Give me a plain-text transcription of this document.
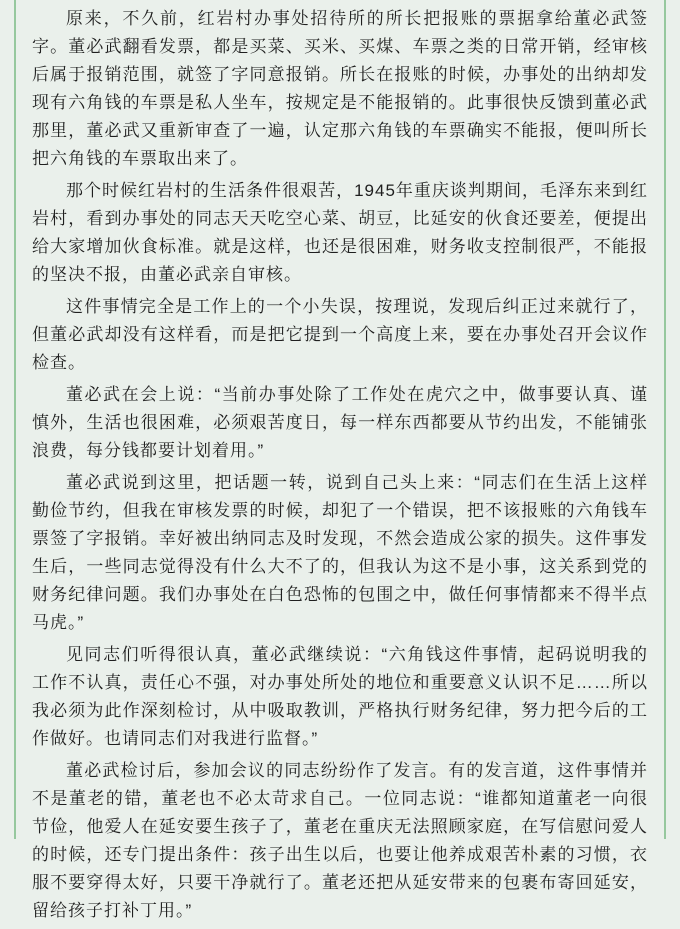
原来，不久前，红岩村办事处招待所的所长把报账的票据拿给董必武签字。董必武翻看发票，都是买菜、买米、买煤、车票之类的日常开销，经审核后属于报销范围，就签了字同意报销。所长在报账的时候，办事处的出纳却发现有六角钱的车票是私人坐车，按规定是不能报销的。此事很快反馈到董必武那里，董必武又重新审查了一遍，认定那六角钱的车票确实不能报，便叫所长把六角钱的车票取出来了。

那个时候红岩村的生活条件很艰苦，1945年重庆谈判期间，毛泽东来到红岩村，看到办事处的同志天天吃空心菜、胡豆，比延安的伙食还要差，便提出给大家增加伙食标准。就是这样，也还是很困难，财务收支控制很严，不能报的坚决不报，由董必武亲自审核。

这件事情完全是工作上的一个小失误，按理说，发现后纠正过来就行了，但董必武却没有这样看，而是把它提到一个高度上来，要在办事处召开会议作检查。

董必武在会上说：“当前办事处除了工作处在虎穴之中，做事要认真、谨慎外，生活也很困难，必须艰苦度日，每一样东西都要从节约出发，不能铺张浪费，每分钱都要计划着用。”

董必武说到这里，把话题一转，说到自己头上来：“同志们在生活上这样勤俭节约，但我在审核发票的时候，却犯了一个错误，把不该报账的六角钱车票签了字报销。幸好被出纳同志及时发现，不然会造成公家的损失。这件事发生后，一些同志觉得没有什么大不了的，但我认为这不是小事，这关系到党的财务纪律问题。我们办事处在白色恐怖的包围之中，做任何事情都来不得半点马虎。”

见同志们听得很认真，董必武继续说：“六角钱这件事情，起码说明我的工作不认真，责任心不强，对办事处所处的地位和重要意义认识不足……所以我必须为此作深刻检讨，从中吸取教训，严格执行财务纪律，努力把今后的工作做好。也请同志们对我进行监督。”

董必武检讨后，参加会议的同志纷纷作了发言。有的发言道，这件事情并不是董老的错，董老也不必太苛求自己。一位同志说：“谁都知道董老一向很节俭，他爱人在延安要生孩子了，董老在重庆无法照顾家庭，在写信慰问爱人的时候，还专门提出条件：孩子出生以后，也要让他养成艰苦朴素的习惯，衣服不要穿得太好，只要干净就行了。董老还把从延安带来的包裹布寄回延安，留给孩子打补丁用。”
